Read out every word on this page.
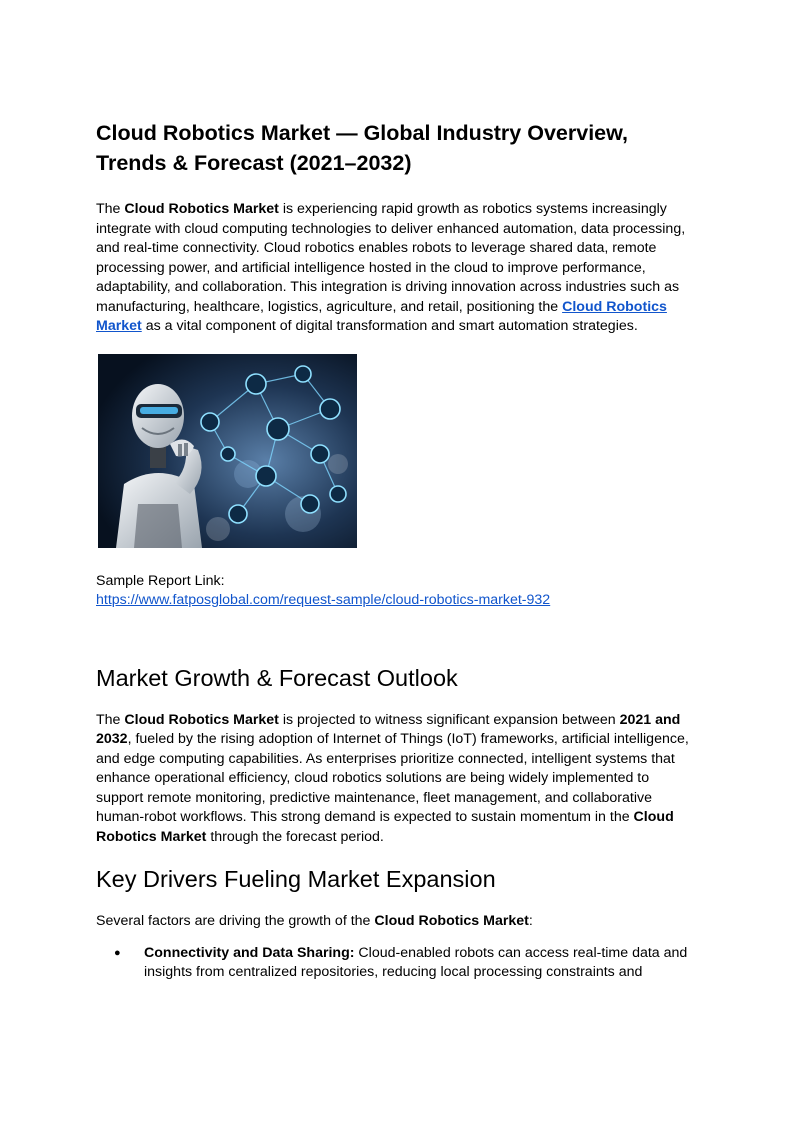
Cloud Robotics Market — Global Industry Overview, Trends & Forecast (2021–2032)

The Cloud Robotics Market is experiencing rapid growth as robotics systems increasingly integrate with cloud computing technologies to deliver enhanced automation, data processing, and real-time connectivity. Cloud robotics enables robots to leverage shared data, remote processing power, and artificial intelligence hosted in the cloud to improve performance, adaptability, and collaboration. This integration is driving innovation across industries such as manufacturing, healthcare, logistics, agriculture, and retail, positioning the Cloud Robotics Market as a vital component of digital transformation and smart automation strategies.

Sample Report Link:
https://www.fatposglobal.com/request-sample/cloud-robotics-market-932

Market Growth & Forecast Outlook

The Cloud Robotics Market is projected to witness significant expansion between 2021 and 2032, fueled by the rising adoption of Internet of Things (IoT) frameworks, artificial intelligence, and edge computing capabilities. As enterprises prioritize connected, intelligent systems that enhance operational efficiency, cloud robotics solutions are being widely implemented to support remote monitoring, predictive maintenance, fleet management, and collaborative human-robot workflows. This strong demand is expected to sustain momentum in the Cloud Robotics Market through the forecast period.

Key Drivers Fueling Market Expansion

Several factors are driving the growth of the Cloud Robotics Market:

● Connectivity and Data Sharing: Cloud-enabled robots can access real-time data and insights from centralized repositories, reducing local processing constraints and
